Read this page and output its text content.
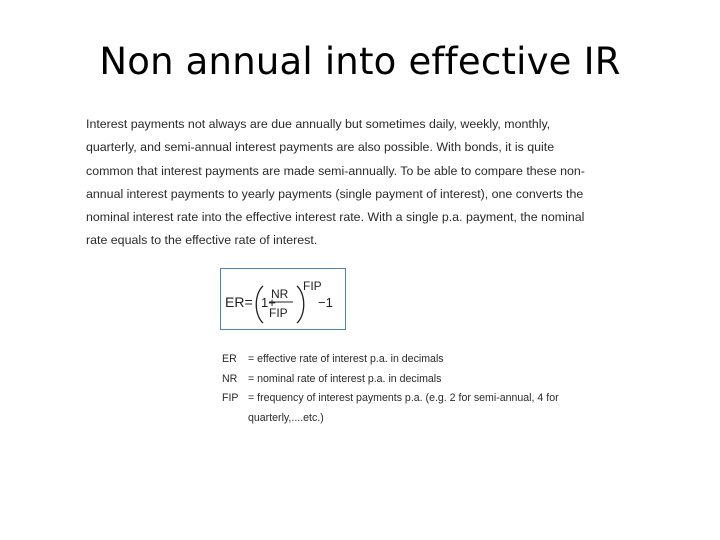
Non annual into effective IR
Interest payments not always are due annually but sometimes daily, weekly, monthly,
quarterly, and semi-annual interest payments are also possible. With bonds, it is quite
common that interest payments are made semi-annually. To be able to compare these non-
annual interest payments to yearly payments (single payment of interest), one converts the
nominal interest rate into the effective interest rate. With a single p.a. payment, the nominal
rate equals to the effective rate of interest.
ER= 1+
NR
FIP
FIP
−1
ER = effective rate of interest p.a. in decimals
NR = nominal rate of interest p.a. in decimals
FIP = frequency of interest payments p.a. (e.g. 2 for semi-annual, 4 for
quarterly,....etc.)
